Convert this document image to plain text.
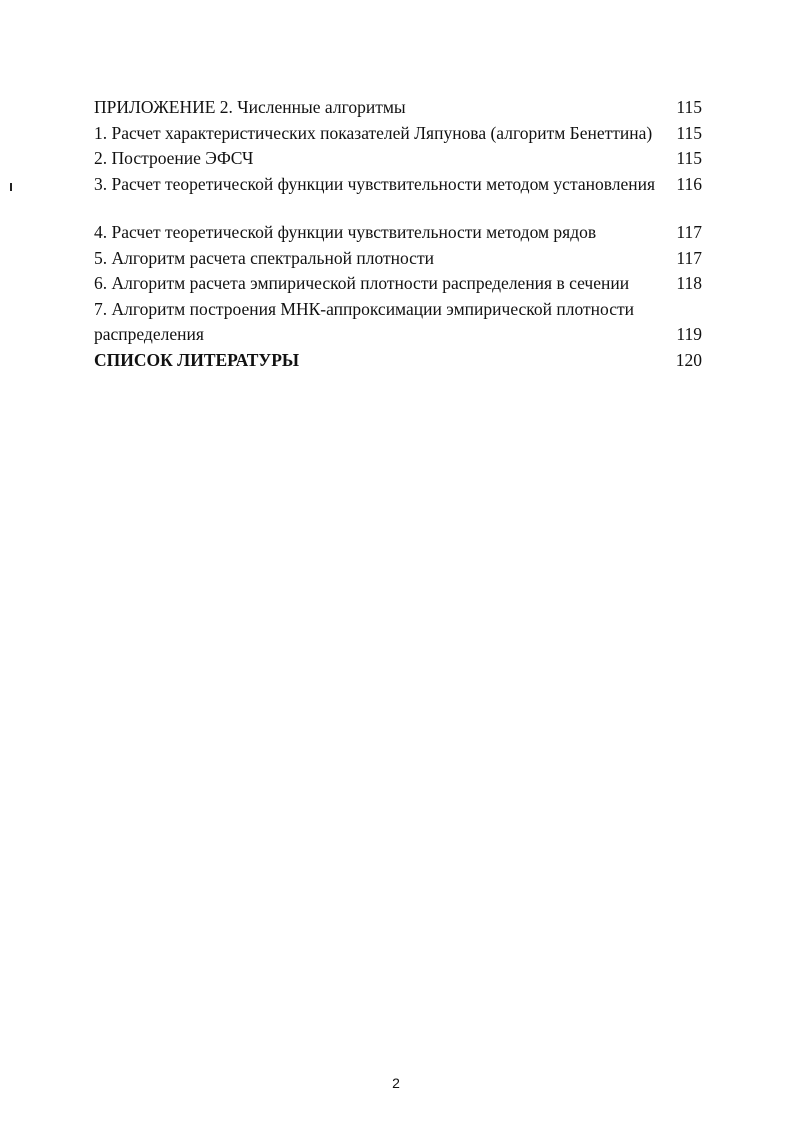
ПРИЛОЖЕНИЕ 2. Численные алгоритмы	115
1. Расчет характеристических показателей Ляпунова (алгоритм Бенеттина)	115
2. Построение ЭФСЧ	115
3. Расчет теоретической функции чувствительности методом установления 116
4. Расчет теоретической функции чувствительности методом рядов	117
5. Алгоритм расчета спектральной плотности	117
6. Алгоритм расчета эмпирической плотности распределения в сечении	118
7. Алгоритм построения МНК-аппроксимации эмпирической плотности распределения	119
СПИСОК ЛИТЕРАТУРЫ	120
2
